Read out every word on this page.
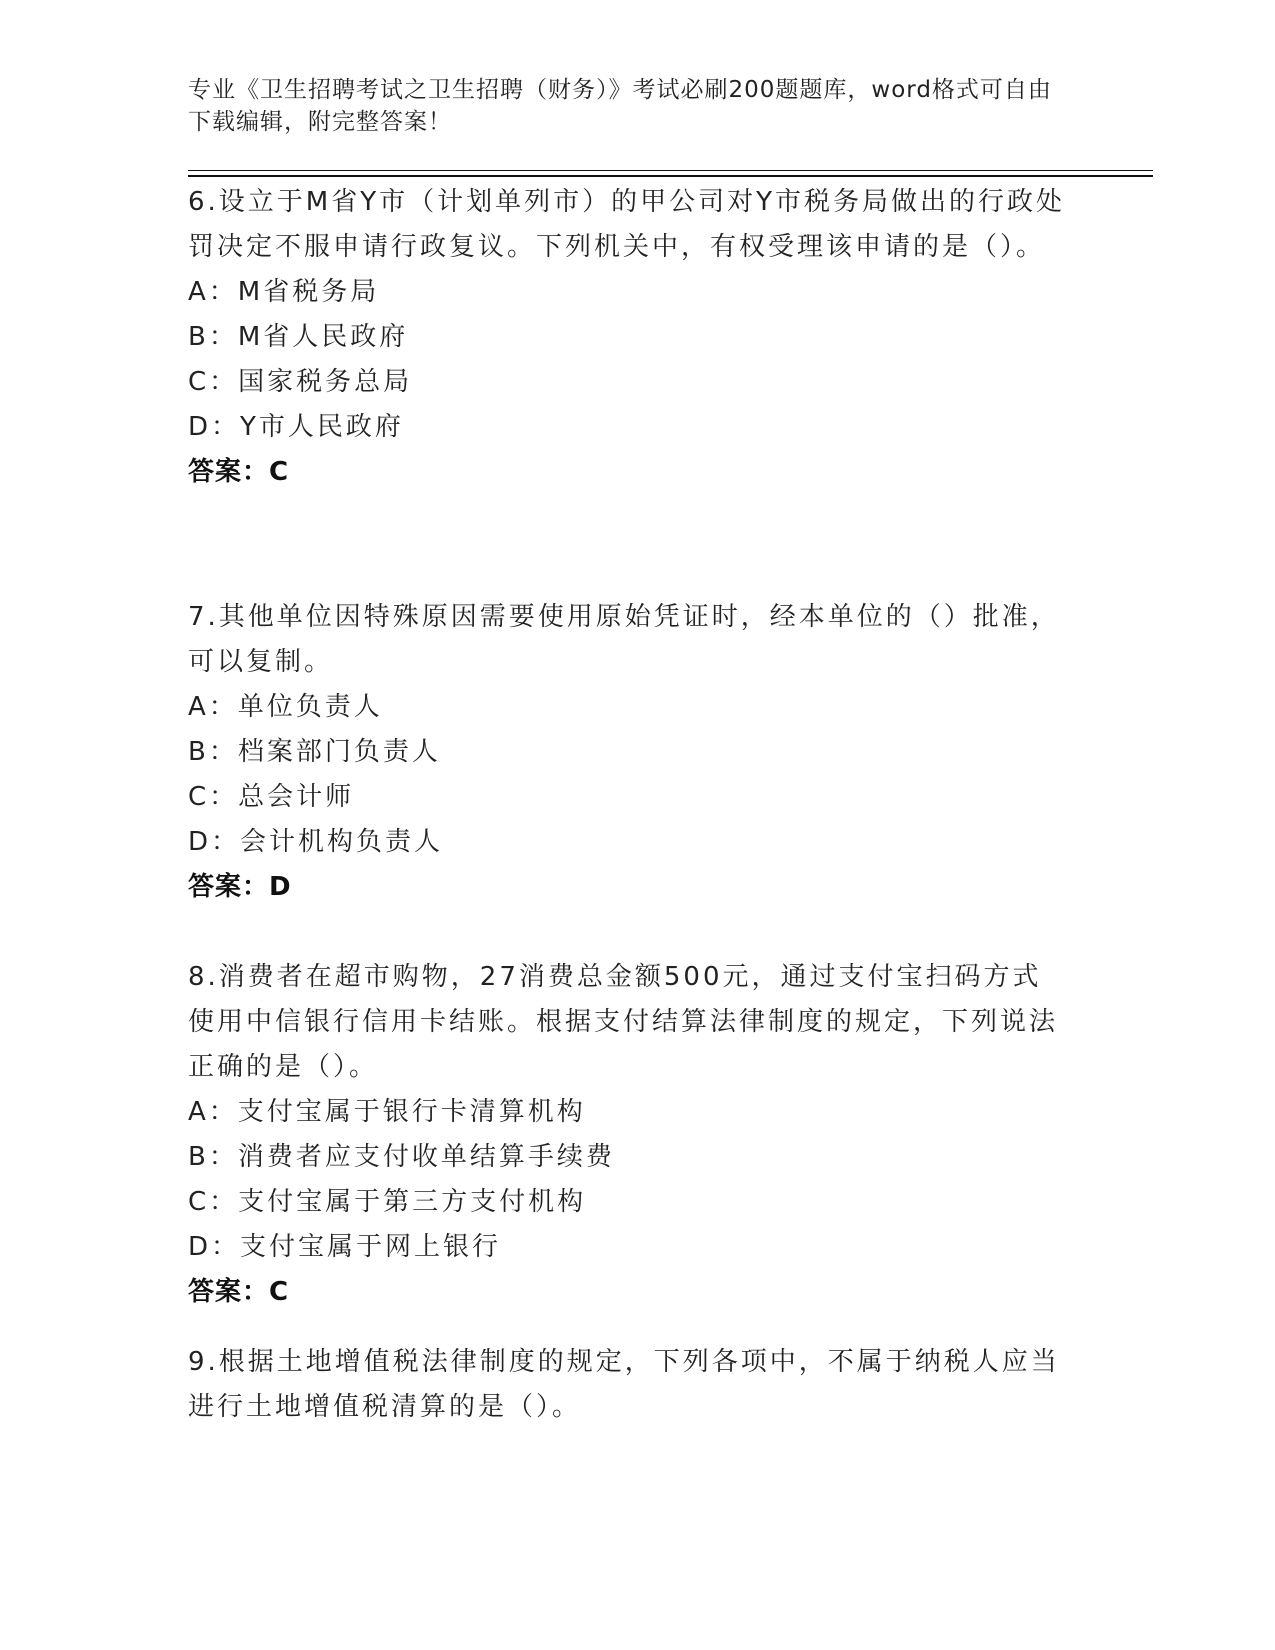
专业《卫生招聘考试之卫生招聘（财务）》考试必刷200题题库，word格式可自由下载编辑，附完整答案！

6.设立于M省Y市（计划单列市）的甲公司对Y市税务局做出的行政处罚决定不服申请行政复议。下列机关中，有权受理该申请的是（）。

A：M省税务局

B：M省人民政府

C：国家税务总局

D：Y市人民政府

答案：C

7.其他单位因特殊原因需要使用原始凭证时，经本单位的（）批准，可以复制。

A：单位负责人

B：档案部门负责人

C：总会计师

D：会计机构负责人

答案：D

8.消费者在超市购物，27消费总金额500元，通过支付宝扫码方式使用中信银行信用卡结账。根据支付结算法律制度的规定，下列说法正确的是（）。

A：支付宝属于银行卡清算机构

B：消费者应支付收单结算手续费

C：支付宝属于第三方支付机构

D：支付宝属于网上银行

答案：C

9.根据土地增值税法律制度的规定，下列各项中，不属于纳税人应当进行土地增值税清算的是（）。
